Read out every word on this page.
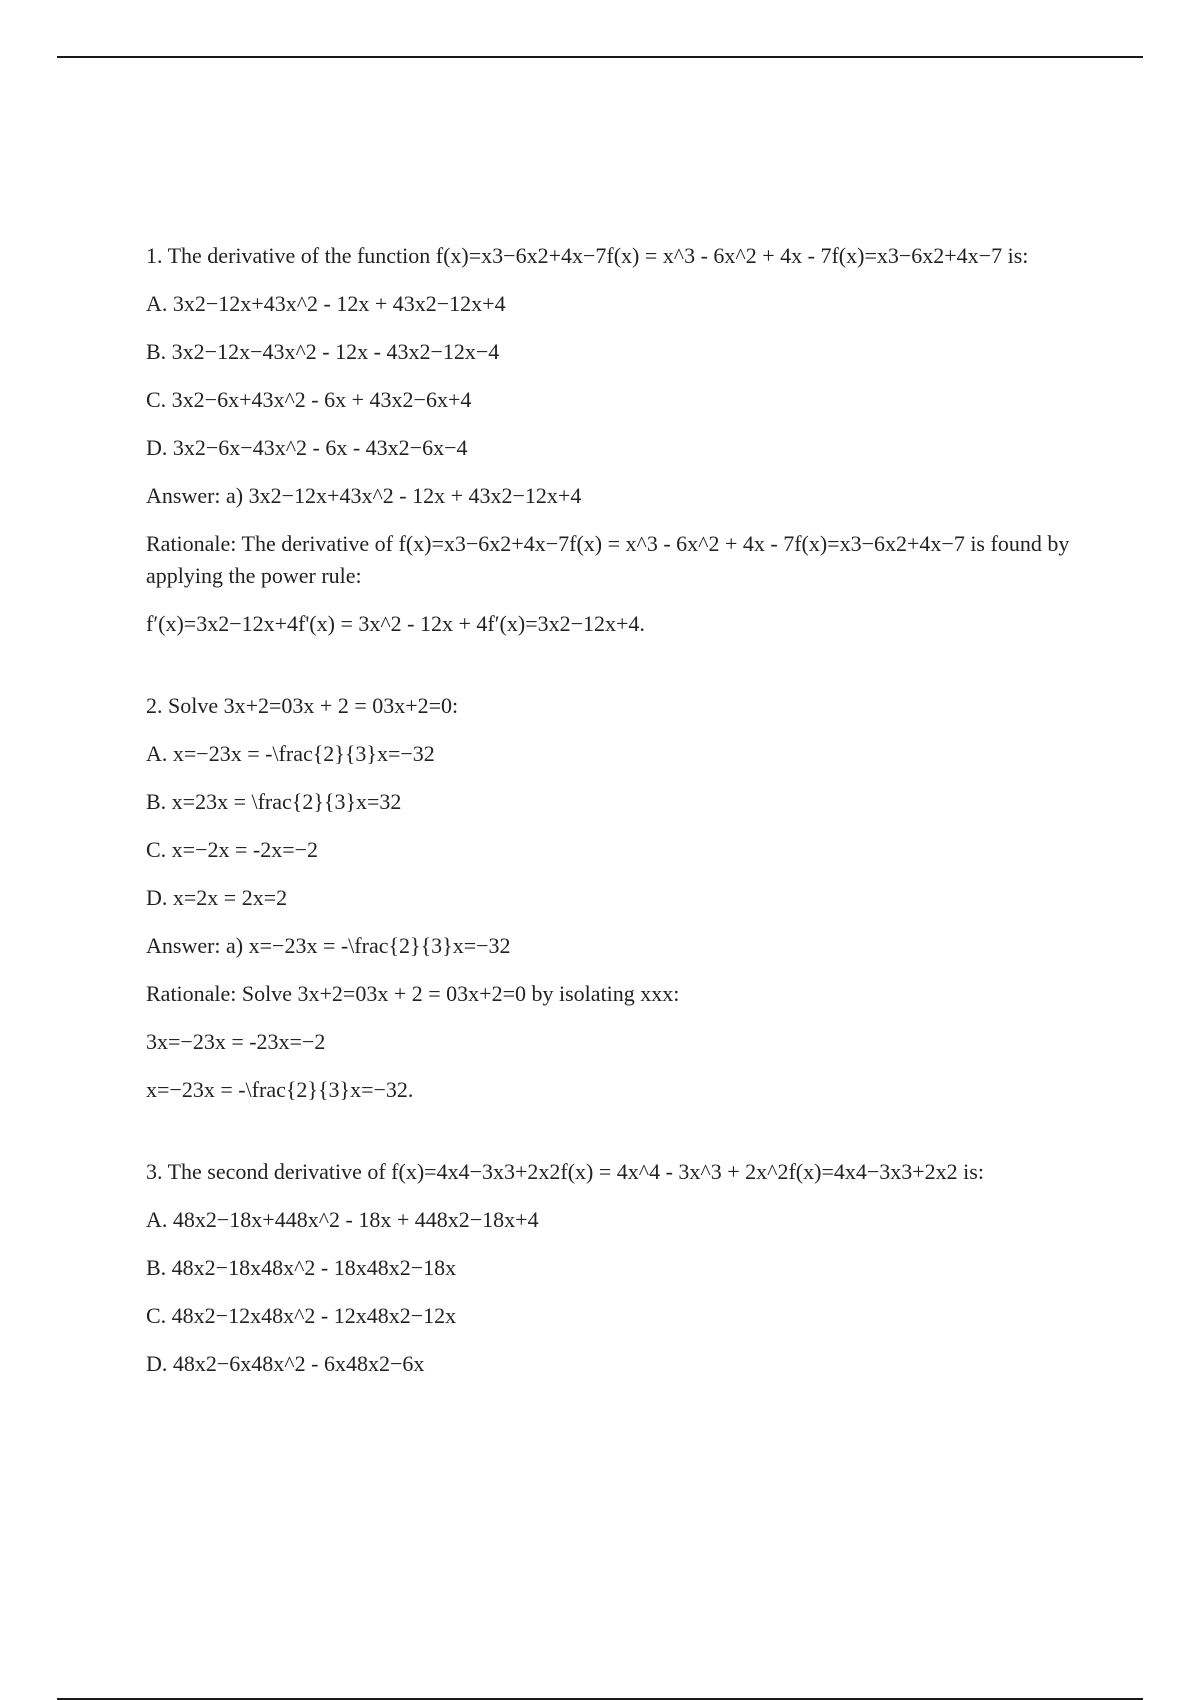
1. The derivative of the function f(x)=x3−6x2+4x−7f(x) = x^3 - 6x^2 + 4x - 7f(x)=x3−6x2+4x−7 is:

A. 3x2−12x+43x^2 - 12x + 43x2−12x+4

B. 3x2−12x−43x^2 - 12x - 43x2−12x−4

C. 3x2−6x+43x^2 - 6x + 43x2−6x+4

D. 3x2−6x−43x^2 - 6x - 43x2−6x−4

Answer: a) 3x2−12x+43x^2 - 12x + 43x2−12x+4

Rationale: The derivative of f(x)=x3−6x2+4x−7f(x) = x^3 - 6x^2 + 4x - 7f(x)=x3−6x2+4x−7 is found by applying the power rule:

f′(x)=3x2−12x+4f'(x) = 3x^2 - 12x + 4f′(x)=3x2−12x+4.

2. Solve 3x+2=03x + 2 = 03x+2=0:

A. x=−23x = -\frac{2}{3}x=−32

B. x=23x = \frac{2}{3}x=32

C. x=−2x = -2x=−2

D. x=2x = 2x=2

Answer: a) x=−23x = -\frac{2}{3}x=−32

Rationale: Solve 3x+2=03x + 2 = 03x+2=0 by isolating xxx:

3x=−23x = -23x=−2

x=−23x = -\frac{2}{3}x=−32.

3. The second derivative of f(x)=4x4−3x3+2x2f(x) = 4x^4 - 3x^3 + 2x^2f(x)=4x4−3x3+2x2 is:

A. 48x2−18x+448x^2 - 18x + 448x2−18x+4

B. 48x2−18x48x^2 - 18x48x2−18x

C. 48x2−12x48x^2 - 12x48x2−12x

D. 48x2−6x48x^2 - 6x48x2−6x
